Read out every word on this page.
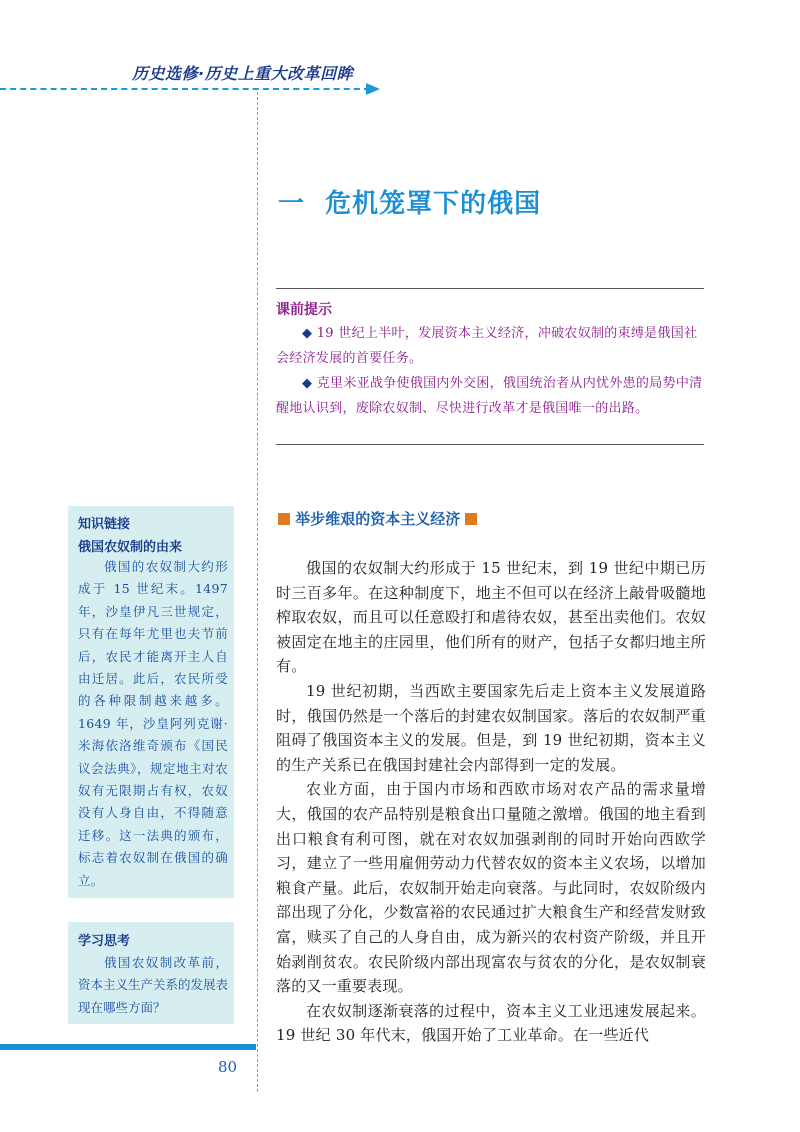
历史选修·历史上重大改革回眸
一  危机笼罩下的俄国
课前提示
◆ 19 世纪上半叶，发展资本主义经济，冲破农奴制的束缚是俄国社会经济发展的首要任务。
◆ 克里米亚战争使俄国内外交困，俄国统治者从内忧外患的局势中清醒地认识到，废除农奴制、尽快进行改革才是俄国唯一的出路。
举步维艰的资本主义经济

俄国的农奴制大约形成于 15 世纪末，到 19 世纪中期已历时三百多年。在这种制度下，地主不但可以在经济上敲骨吸髓地榨取农奴，而且可以任意殴打和虐待农奴，甚至出卖他们。农奴被固定在地主的庄园里，他们所有的财产，包括子女都归地主所有。

19 世纪初期，当西欧主要国家先后走上资本主义发展道路时，俄国仍然是一个落后的封建农奴制国家。落后的农奴制严重阻碍了俄国资本主义的发展。但是，到 19 世纪初期，资本主义的生产关系已在俄国封建社会内部得到一定的发展。

农业方面，由于国内市场和西欧市场对农产品的需求量增大，俄国的农产品特别是粮食出口量随之激增。俄国的地主看到出口粮食有利可图，就在对农奴加强剥削的同时开始向西欧学习，建立了一些用雇佣劳动力代替农奴的资本主义农场，以增加粮食产量。此后，农奴制开始走向衰落。与此同时，农奴阶级内部出现了分化，少数富裕的农民通过扩大粮食生产和经营发财致富，赎买了自己的人身自由，成为新兴的农村资产阶级，并且开始剥削贫农。农民阶级内部出现富农与贫农的分化，是农奴制衰落的又一重要表现。

在农奴制逐渐衰落的过程中，资本主义工业迅速发展起来。19 世纪 30 年代末，俄国开始了工业革命。在一些近代

知识链接
俄国农奴制的由来
俄国的农奴制大约形成于 15 世纪末。1497 年，沙皇伊凡三世规定，只有在每年尤里也夫节前后，农民才能离开主人自由迁居。此后，农民所受的各种限制越来越多。1649 年，沙皇阿列克谢·米海依洛维奇颁布《国民议会法典》，规定地主对农奴有无限期占有权，农奴没有人身自由，不得随意迁移。这一法典的颁布，标志着农奴制在俄国的确立。
学习思考
俄国农奴制改革前，资本主义生产关系的发展表现在哪些方面？
80
